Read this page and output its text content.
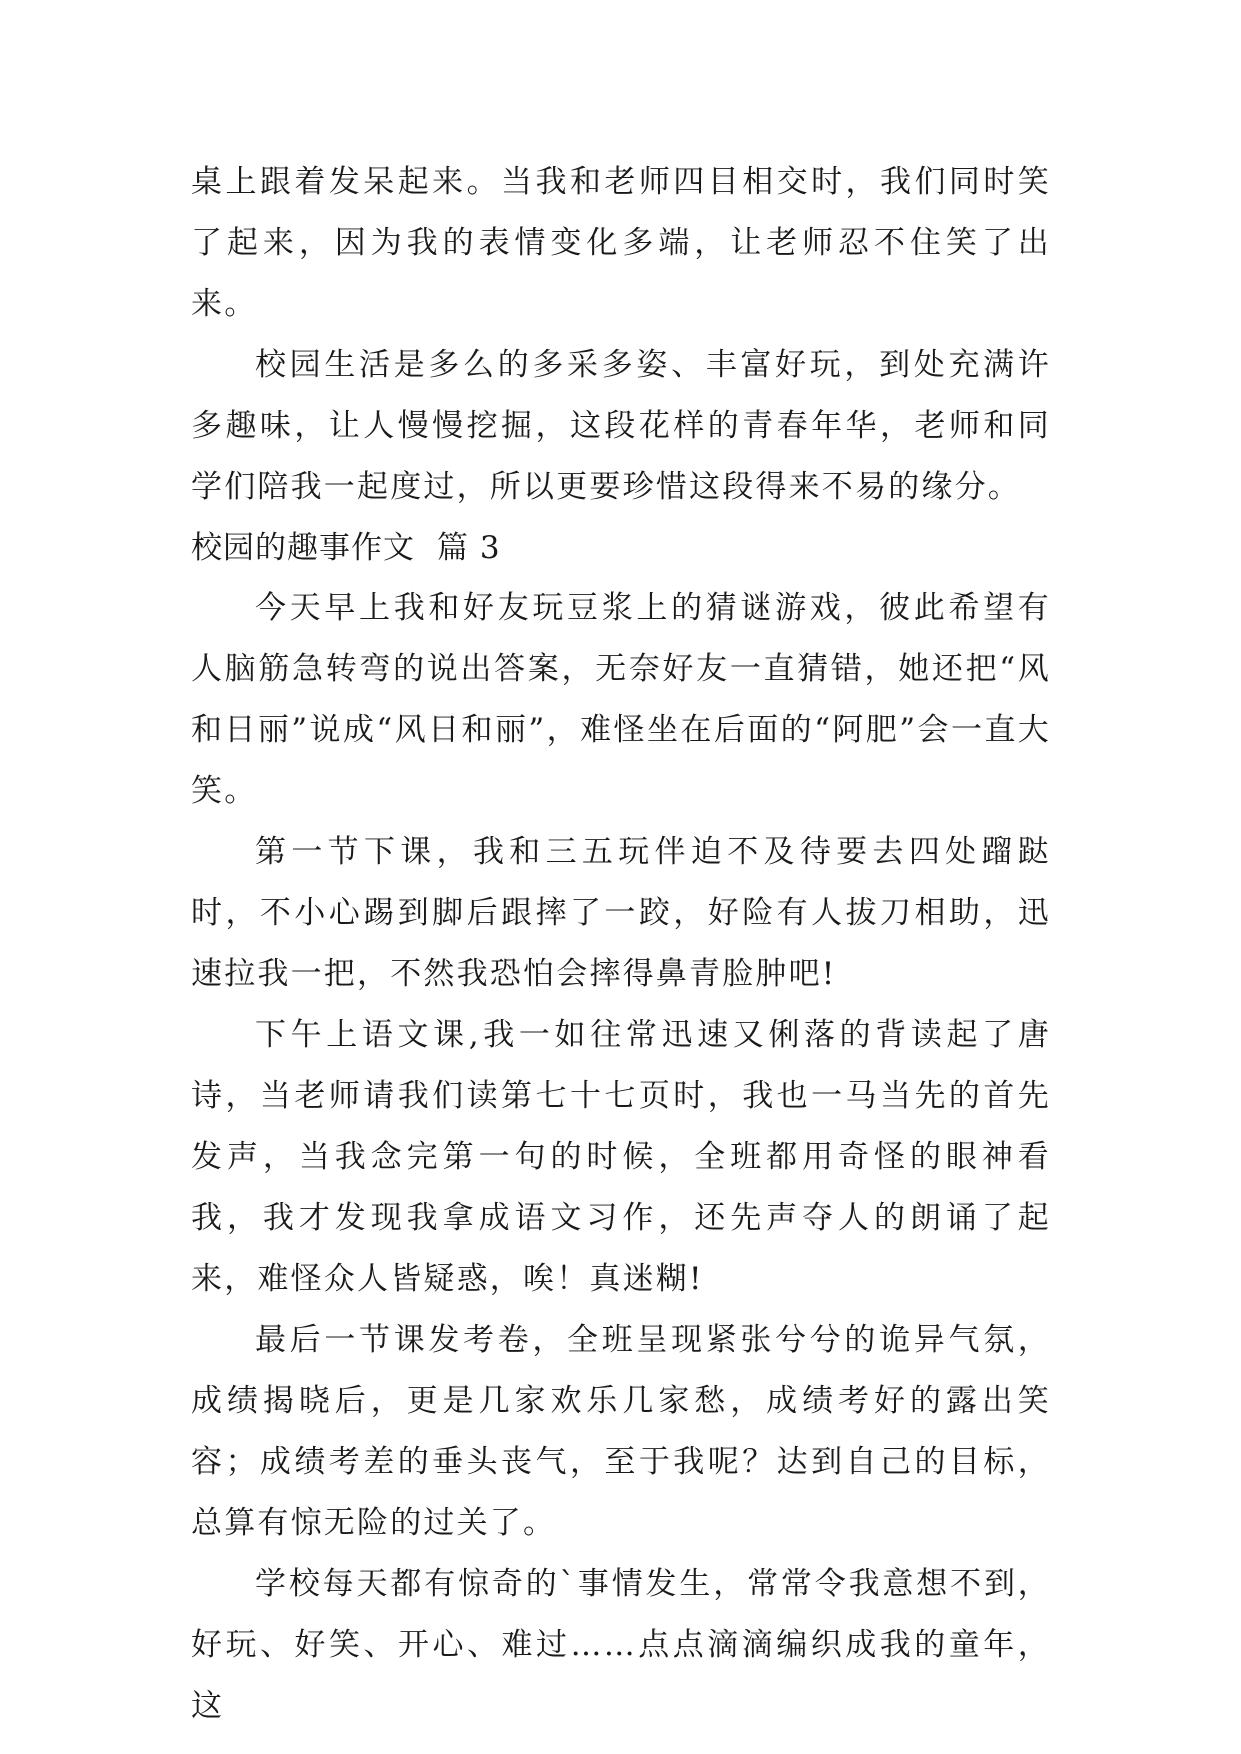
桌上跟着发呆起来。当我和老师四目相交时，我们同时笑了起来，因为我的表情变化多端，让老师忍不住笑了出来。

校园生活是多么的多采多姿、丰富好玩，到处充满许多趣味，让人慢慢挖掘，这段花样的青春年华，老师和同学们陪我一起度过，所以更要珍惜这段得来不易的缘分。

校园的趣事作文 篇 3

今天早上我和好友玩豆浆上的猜谜游戏，彼此希望有人脑筋急转弯的说出答案，无奈好友一直猜错，她还把“风和日丽”说成“风日和丽”，难怪坐在后面的“阿肥”会一直大笑。

第一节下课，我和三五玩伴迫不及待要去四处蹓跶时，不小心踢到脚后跟摔了一跤，好险有人拔刀相助，迅速拉我一把，不然我恐怕会摔得鼻青脸肿吧!

下午上语文课,我一如往常迅速又俐落的背读起了唐诗，当老师请我们读第七十七页时，我也一马当先的首先发声，当我念完第一句的时候，全班都用奇怪的眼神看我，我才发现我拿成语文习作，还先声夺人的朗诵了起来，难怪众人皆疑惑，唉！真迷糊!

最后一节课发考卷，全班呈现紧张兮兮的诡异气氛，成绩揭晓后，更是几家欢乐几家愁，成绩考好的露出笑容；成绩考差的垂头丧气，至于我呢？达到自己的目标，总算有惊无险的过关了。

学校每天都有惊奇的`事情发生，常常令我意想不到，好玩、好笑、开心、难过……点点滴滴编织成我的童年，这
